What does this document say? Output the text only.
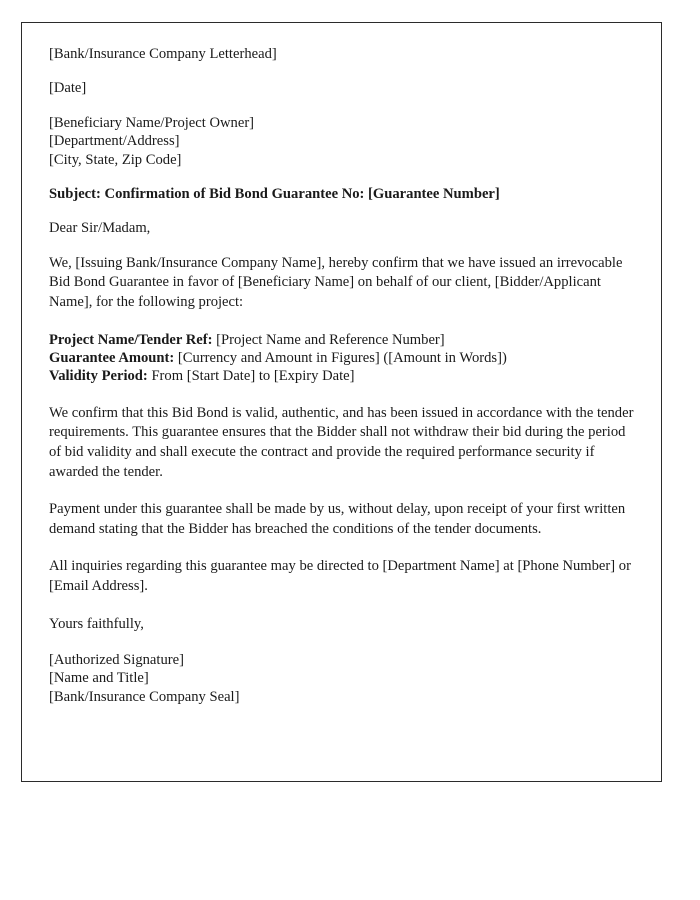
[Bank/Insurance Company Letterhead]

[Date]

[Beneficiary Name/Project Owner]

[Department/Address]

[City, State, Zip Code]

Subject: Confirmation of Bid Bond Guarantee No: [Guarantee Number]

Dear Sir/Madam,

We, [Issuing Bank/Insurance Company Name], hereby confirm that we have issued an irrevocable Bid Bond Guarantee in favor of [Beneficiary Name] on behalf of our client, [Bidder/Applicant Name], for the following project:

Project Name/Tender Ref: [Project Name and Reference Number]

Guarantee Amount: [Currency and Amount in Figures] ([Amount in Words])

Validity Period: From [Start Date] to [Expiry Date]

We confirm that this Bid Bond is valid, authentic, and has been issued in accordance with the tender requirements. This guarantee ensures that the Bidder shall not withdraw their bid during the period of bid validity and shall execute the contract and provide the required performance security if awarded the tender.

Payment under this guarantee shall be made by us, without delay, upon receipt of your first written demand stating that the Bidder has breached the conditions of the tender documents.

All inquiries regarding this guarantee may be directed to [Department Name] at [Phone Number] or [Email Address].

Yours faithfully,

[Authorized Signature]

[Name and Title]

[Bank/Insurance Company Seal]
